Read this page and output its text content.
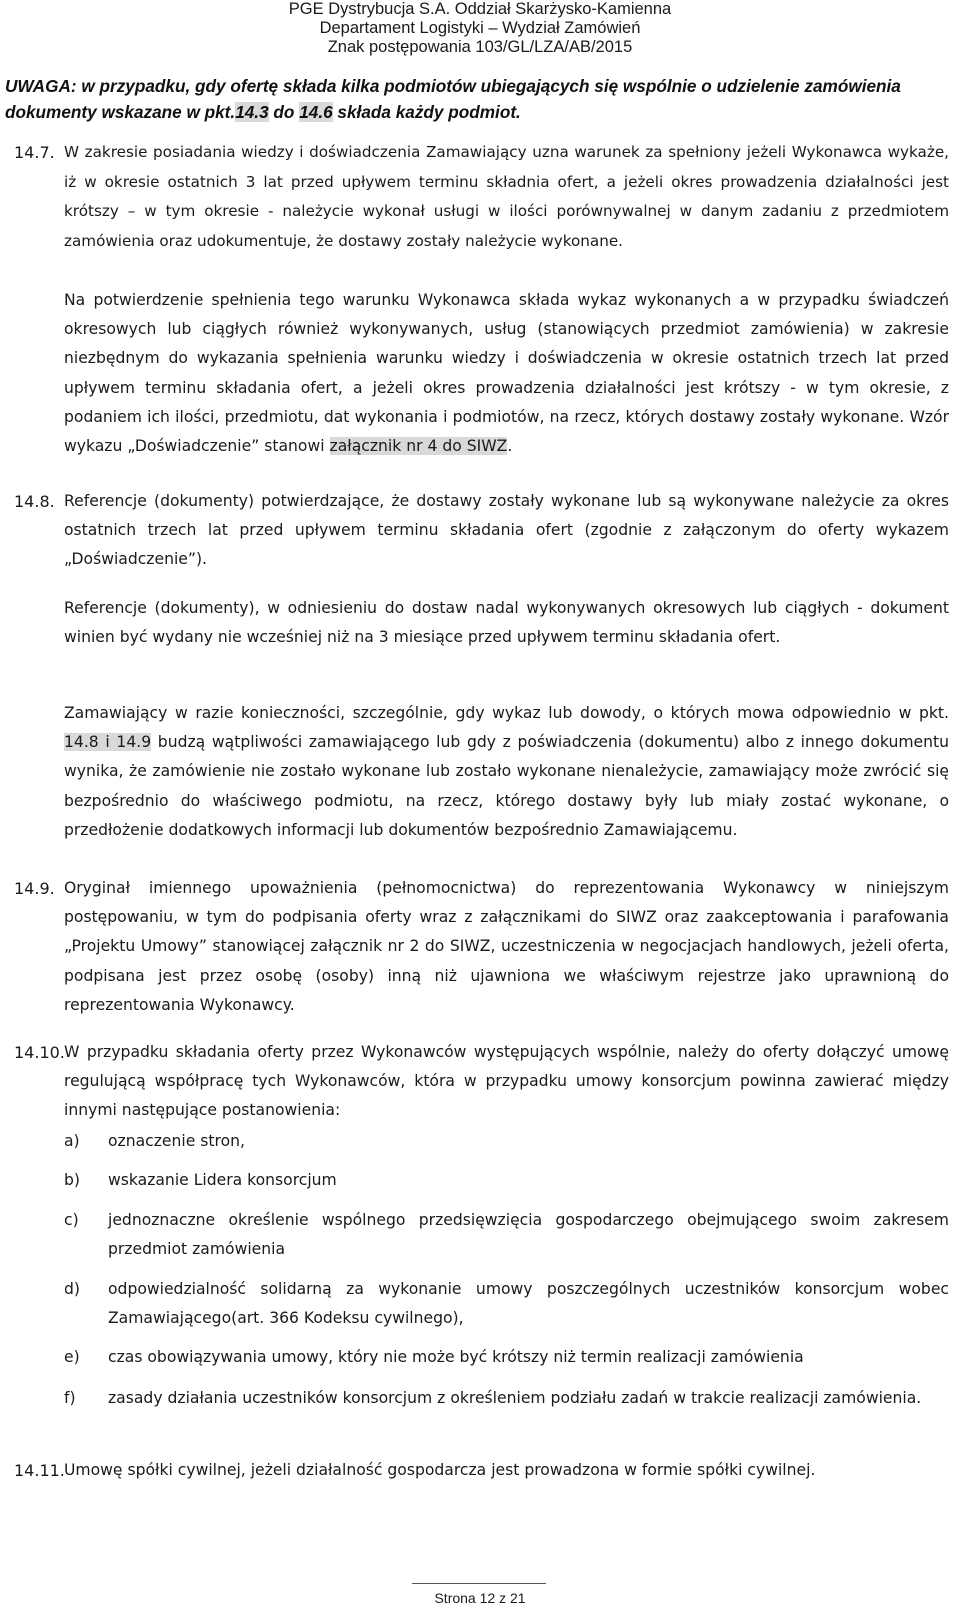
PGE Dystrybucja S.A. Oddział Skarżysko-Kamienna
Departament Logistyki – Wydział Zamówień
Znak postępowania 103/GL/LZA/AB/2015
UWAGA: w przypadku, gdy ofertę składa kilka podmiotów ubiegających się wspólnie o udzielenie zamówienia dokumenty wskazane w pkt.14.3 do 14.6 składa każdy podmiot.
14.7. W zakresie posiadania wiedzy i doświadczenia Zamawiający uzna warunek za spełniony jeżeli Wykonawca wykaże, iż w okresie ostatnich 3 lat przed upływem terminu składnia ofert, a jeżeli okres prowadzenia działalności jest krótszy – w tym okresie - należycie wykonał usługi w ilości porównywalnej w danym zadaniu z przedmiotem zamówienia oraz udokumentuje, że dostawy zostały należycie wykonane.
Na potwierdzenie spełnienia tego warunku Wykonawca składa wykaz wykonanych a w przypadku świadczeń okresowych lub ciągłych również wykonywanych, usług (stanowiących przedmiot zamówienia) w zakresie niezbędnym do wykazania spełnienia warunku wiedzy i doświadczenia w okresie ostatnich trzech lat przed upływem terminu składania ofert, a jeżeli okres prowadzenia działalności jest krótszy - w tym okresie, z podaniem ich ilości, przedmiotu, dat wykonania i podmiotów, na rzecz, których dostawy zostały wykonane. Wzór wykazu „Doświadczenie” stanowi załącznik nr 4 do SIWZ.
14.8. Referencje (dokumenty) potwierdzające, że dostawy zostały wykonane lub są wykonywane należycie za okres ostatnich trzech lat przed upływem terminu składania ofert (zgodnie z załączonym do oferty wykazem „Doświadczenie”).
Referencje (dokumenty), w odniesieniu do dostaw nadal wykonywanych okresowych lub ciągłych - dokument winien być wydany nie wcześniej niż na 3 miesiące przed upływem terminu składania ofert.
Zamawiający w razie konieczności, szczególnie, gdy wykaz lub dowody, o których mowa odpowiednio w pkt. 14.8 i 14.9 budzą wątpliwości zamawiającego lub gdy z poświadczenia (dokumentu) albo z innego dokumentu wynika, że zamówienie nie zostało wykonane lub zostało wykonane nienależycie, zamawiający może zwrócić się bezpośrednio do właściwego podmiotu, na rzecz, którego dostawy były lub miały zostać wykonane, o przedłożenie dodatkowych informacji lub dokumentów bezpośrednio Zamawiającemu.
14.9. Oryginał imiennego upoważnienia (pełnomocnictwa) do reprezentowania Wykonawcy w niniejszym postępowaniu, w tym do podpisania oferty wraz z załącznikami do SIWZ oraz zaakceptowania i parafowania „Projektu Umowy” stanowiącej załącznik nr 2 do SIWZ, uczestniczenia w negocjacjach handlowych, jeżeli oferta, podpisana jest przez osobę (osoby) inną niż ujawniona we właściwym rejestrze jako uprawnioną do reprezentowania Wykonawcy.
14.10. W przypadku składania oferty przez Wykonawców występujących wspólnie, należy do oferty dołączyć umowę regulującą współpracę tych Wykonawców, która w przypadku umowy konsorcjum powinna zawierać między innymi następujące postanowienia:
a)	oznaczenie stron,
b)	wskazanie Lidera konsorcjum
c)	jednoznaczne określenie wspólnego przedsięwzięcia gospodarczego obejmującego swoim zakresem przedmiot zamówienia
d)	odpowiedzialność solidarną za wykonanie umowy poszczególnych uczestników konsorcjum wobec Zamawiającego(art. 366 Kodeksu cywilnego),
e)	czas obowiązywania umowy, który nie może być krótszy niż termin realizacji zamówienia
f)	zasady działania uczestników konsorcjum z określeniem podziału zadań w trakcie realizacji zamówienia.
14.11. Umowę spółki cywilnej, jeżeli działalność gospodarcza jest prowadzona w formie spółki cywilnej.
Strona 12 z 21
